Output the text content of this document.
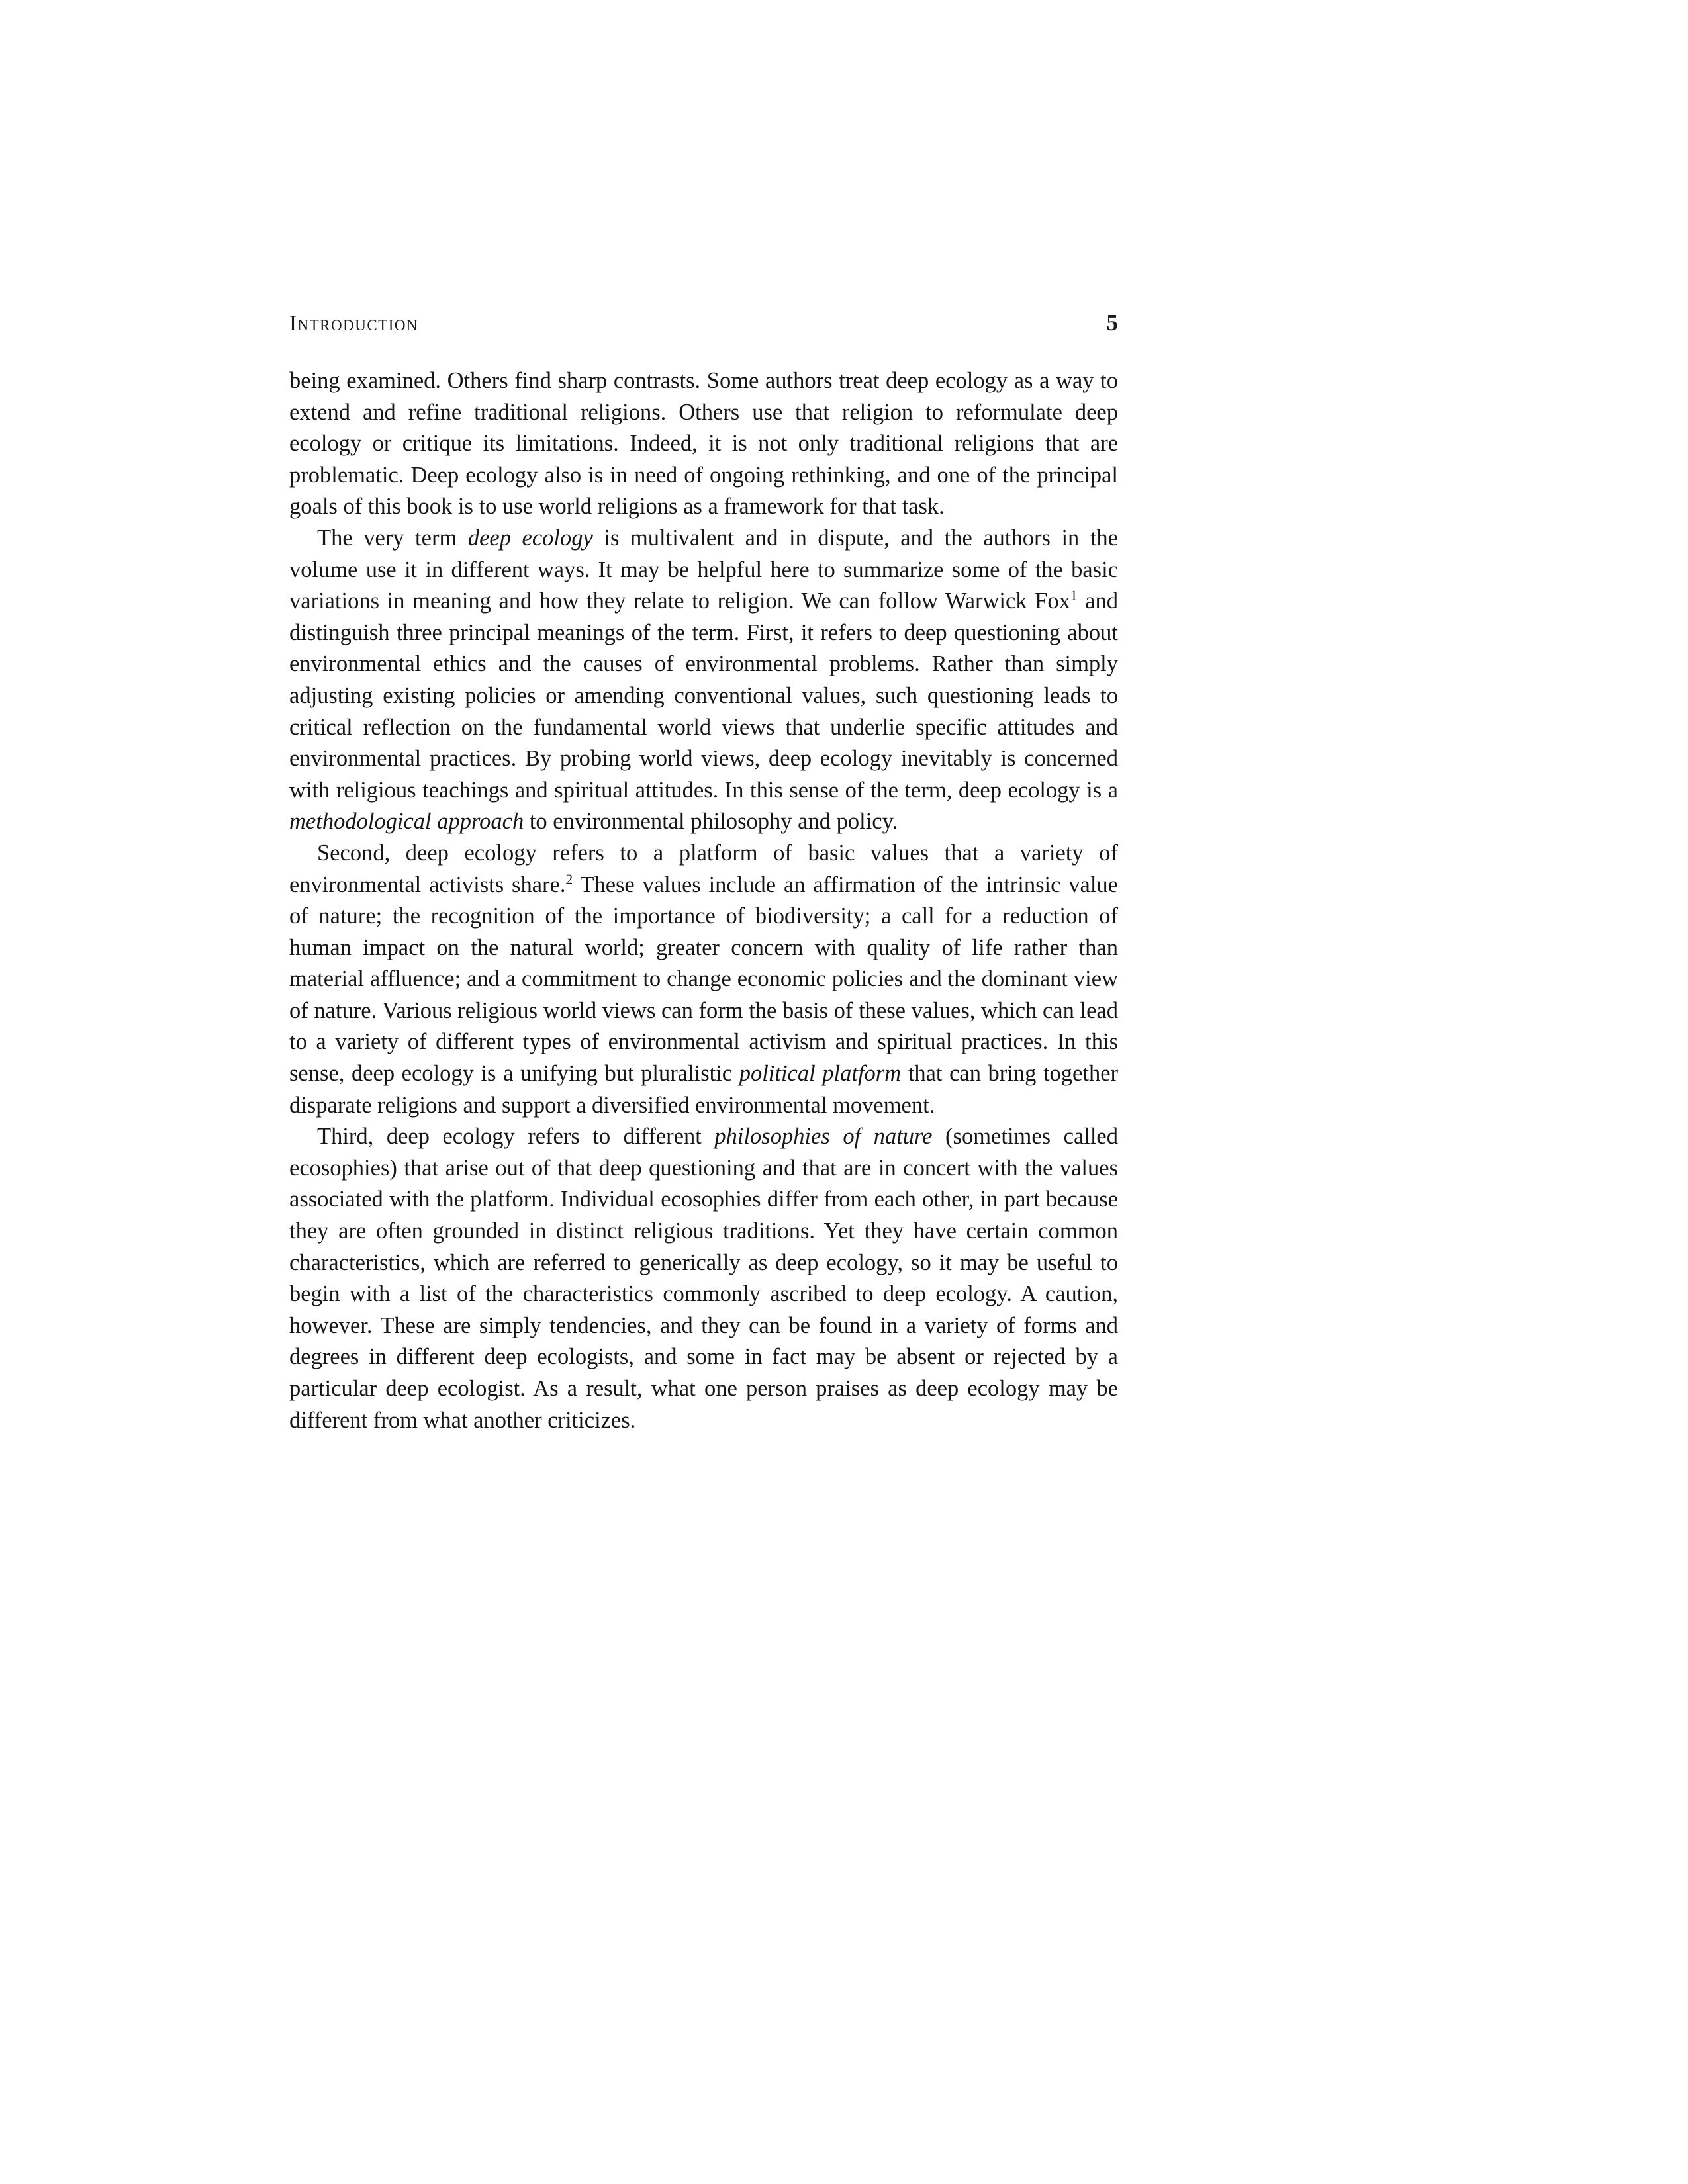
Introduction	5

being examined. Others find sharp contrasts. Some authors treat deep ecology as a way to extend and refine traditional religions. Others use that religion to reformulate deep ecology or critique its limitations. Indeed, it is not only traditional religions that are problematic. Deep ecology also is in need of ongoing rethinking, and one of the principal goals of this book is to use world religions as a framework for that task.

The very term deep ecology is multivalent and in dispute, and the authors in the volume use it in different ways. It may be helpful here to summarize some of the basic variations in meaning and how they relate to religion. We can follow Warwick Fox$^1$ and distinguish three principal meanings of the term. First, it refers to deep questioning about environmental ethics and the causes of environmental problems. Rather than simply adjusting existing policies or amending conventional values, such questioning leads to critical reflection on the fundamental world views that underlie specific attitudes and environmental practices. By probing world views, deep ecology inevitably is concerned with religious teachings and spiritual attitudes. In this sense of the term, deep ecology is a methodological approach to environmental philosophy and policy.

Second, deep ecology refers to a platform of basic values that a variety of environmental activists share.$^2$ These values include an affirmation of the intrinsic value of nature; the recognition of the importance of biodiversity; a call for a reduction of human impact on the natural world; greater concern with quality of life rather than material affluence; and a commitment to change economic policies and the dominant view of nature. Various religious world views can form the basis of these values, which can lead to a variety of different types of environmental activism and spiritual practices. In this sense, deep ecology is a unifying but pluralistic political platform that can bring together disparate religions and support a diversified environmental movement.

Third, deep ecology refers to different philosophies of nature (sometimes called ecosophies) that arise out of that deep questioning and that are in concert with the values associated with the platform. Individual ecosophies differ from each other, in part because they are often grounded in distinct religious traditions. Yet they have certain common characteristics, which are referred to generically as deep ecology, so it may be useful to begin with a list of the characteristics commonly ascribed to deep ecology. A caution, however. These are simply tendencies, and they can be found in a variety of forms and degrees in different deep ecologists, and some in fact may be absent or rejected by a particular deep ecologist. As a result, what one person praises as deep ecology may be different from what another criticizes.
